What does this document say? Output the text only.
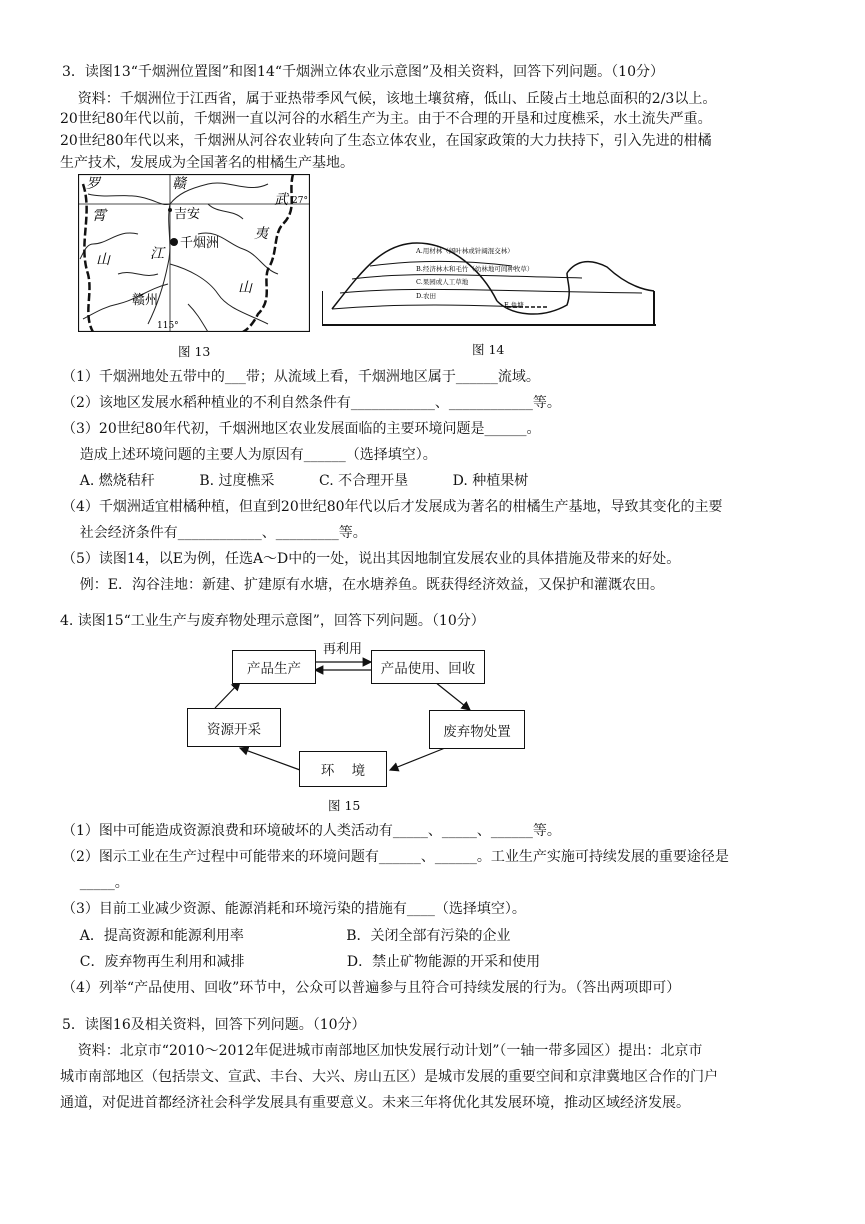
3．读图13“千烟洲位置图”和图14“千烟洲立体农业示意图”及相关资料，回答下列问题。（10分）
资料：千烟洲位于江西省，属于亚热带季风气候，该地土壤贫瘠，低山、丘陵占土地总面积的2/3以上。
20世纪80年代以前，千烟洲一直以河谷的水稻生产为主。由于不合理的开垦和过度樵采，水土流失严重。
20世纪80年代以来，千烟洲从河谷农业转向了生态立体农业，在国家政策的大力扶持下，引入先进的柑橘
生产技术，发展成为全国著名的柑橘生产基地。
罗
霄
山
赣
江
吉安
千烟洲
武
夷
山
赣州
27°
115°
图 13
A.用材林（阔叶林或针阔混交林）
B.经济林木和毛竹（幼林地可间种牧草）
C.果园或人工草地
D.农田
E.鱼塘
图 14
（1）千烟洲地处五带中的___带；从流域上看，千烟洲地区属于______流域。
（2）该地区发展水稻种植业的不利自然条件有____________、____________等。
（3）20世纪80年代初，千烟洲地区农业发展面临的主要环境问题是______。
造成上述环境问题的主要人为原因有______（选择填空）。
A. 燃烧秸秆          B. 过度樵采          C. 不合理开垦          D. 种植果树
（4）千烟洲适宜柑橘种植，但直到20世纪80年代以后才发展成为著名的柑橘生产基地，导致其变化的主要
社会经济条件有____________、_________等。
（5）读图14，以E为例，任选A～D中的一处，说出其因地制宜发展农业的具体措施及带来的好处。
例：E．沟谷洼地：新建、扩建原有水塘，在水塘养鱼。既获得经济效益，又保护和灌溉农田。
4. 读图15“工业生产与废弃物处理示意图”，回答下列问题。（10分）
再利用
产品生产	产品使用、回收
资源开采	废弃物处置
环    境
图 15
（1）图中可能造成资源浪费和环境破坏的人类活动有_____、_____、______等。
（2）图示工业在生产过程中可能带来的环境问题有______、______。工业生产实施可持续发展的重要途径是
_____。
（3）目前工业减少资源、能源消耗和环境污染的措施有____（选择填空）。
A．提高资源和能源利用率                       B．关闭全部有污染的企业
C．废弃物再生利用和减排                       D．禁止矿物能源的开采和使用
（4）列举“产品使用、回收”环节中，公众可以普遍参与且符合可持续发展的行为。（答出两项即可）
5．读图16及相关资料，回答下列问题。（10分）
资料：北京市“2010～2012年促进城市南部地区加快发展行动计划”（一轴一带多园区）提出：北京市
城市南部地区（包括崇文、宣武、丰台、大兴、房山五区）是城市发展的重要空间和京津冀地区合作的门户
通道，对促进首都经济社会科学发展具有重要意义。未来三年将优化其发展环境，推动区域经济发展。
